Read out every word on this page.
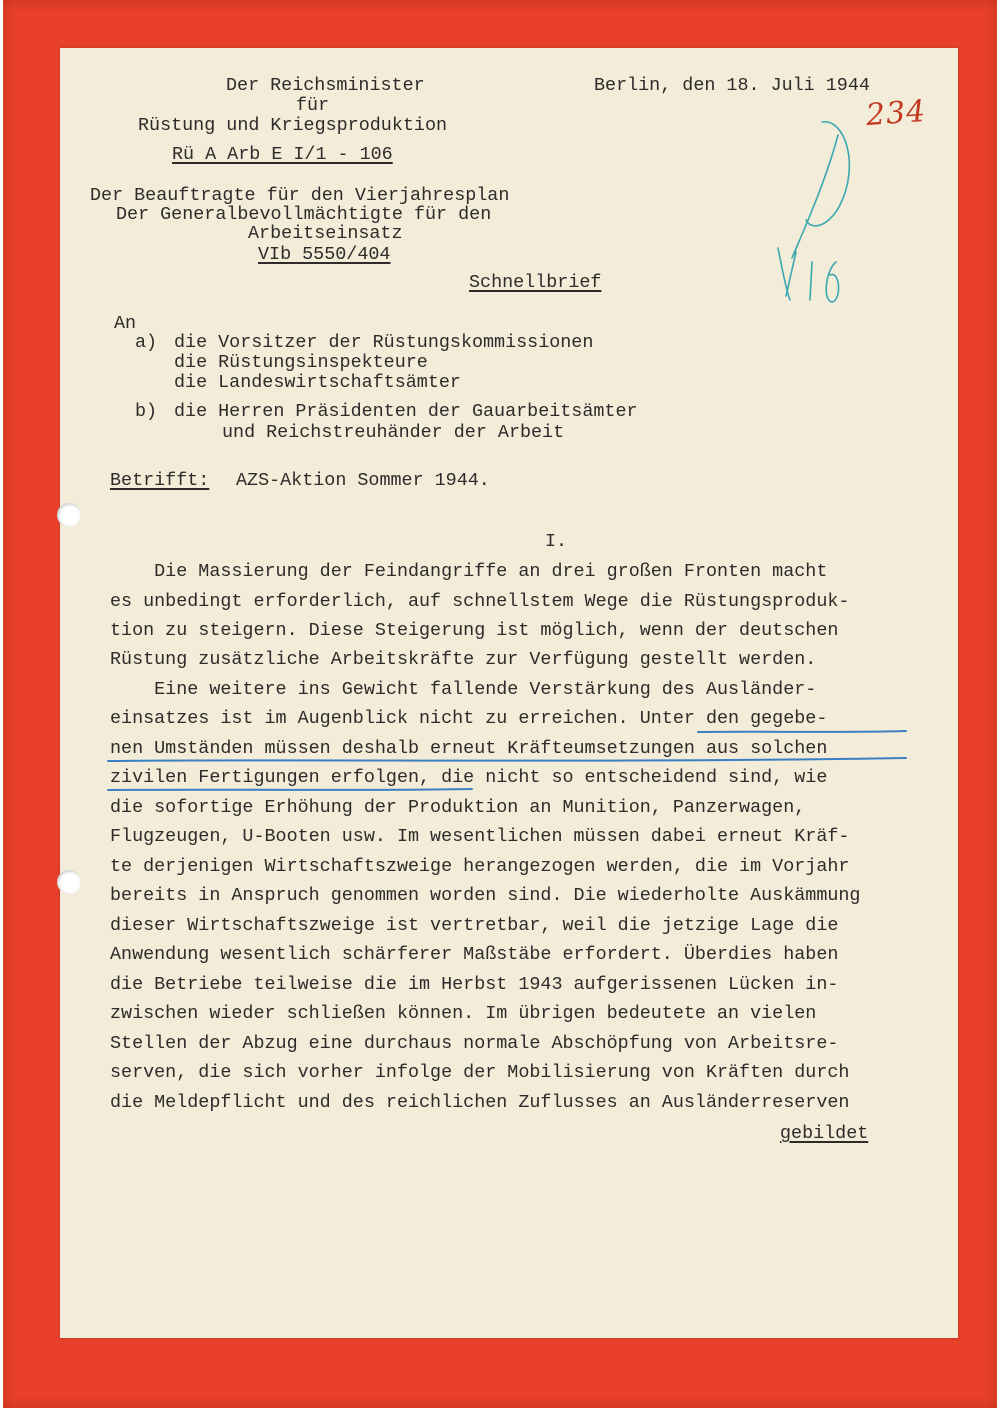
Der Reichsminister
für
Rüstung und Kriegsproduktion
Rü A Arb E I/1 - 106
Berlin, den 18. Juli 1944
234
Der Beauftragte für den Vierjahresplan
Der Generalbevollmächtigte für den
Arbeitseinsatz
VIb 5550/404
Schnellbrief
An
a) die Vorsitzer der Rüstungskommissionen
die Rüstungsinspekteure
die Landeswirtschaftsämter
b) die Herren Präsidenten der Gauarbeitsämter
und Reichstreuhänder der Arbeit
Betrifft: AZS-Aktion Sommer 1944.
I.
Die Massierung der Feindangriffe an drei großen Fronten macht
es unbedingt erforderlich, auf schnellstem Wege die Rüstungsproduk-
tion zu steigern. Diese Steigerung ist möglich, wenn der deutschen
Rüstung zusätzliche Arbeitskräfte zur Verfügung gestellt werden.
Eine weitere ins Gewicht fallende Verstärkung des Ausländer-
einsatzes ist im Augenblick nicht zu erreichen. Unter den gegebe-
nen Umständen müssen deshalb erneut Kräfteumsetzungen aus solchen
zivilen Fertigungen erfolgen, die nicht so entscheidend sind, wie
die sofortige Erhöhung der Produktion an Munition, Panzerwagen,
Flugzeugen, U-Booten usw. Im wesentlichen müssen dabei erneut Kräf-
te derjenigen Wirtschaftszweige herangezogen werden, die im Vorjahr
bereits in Anspruch genommen worden sind. Die wiederholte Auskämmung
dieser Wirtschaftszweige ist vertretbar, weil die jetzige Lage die
Anwendung wesentlich schärferer Maßstäbe erfordert. Überdies haben
die Betriebe teilweise die im Herbst 1943 aufgerissenen Lücken in-
zwischen wieder schließen können. Im übrigen bedeutete an vielen
Stellen der Abzug eine durchaus normale Abschöpfung von Arbeitsre-
serven, die sich vorher infolge der Mobilisierung von Kräften durch
die Meldepflicht und des reichlichen Zuflusses an Ausländerreserven
gebildet
